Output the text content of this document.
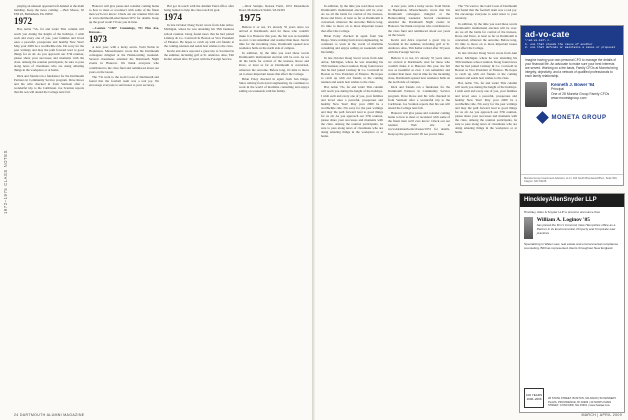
1972–1975 CLASS NOTES

playing an unusual opponent left-handed at the math building. Keep the news coming. —Bob Moore, 50 E83 #3, Bethlehem, PA 19050

1972

Hal, noble '72s, far and wide! This column will reach you during the height of the holidays. I wish each and every one of you, your families and loved ones a peaceful, prosperous and healthy New Year! May your 2009 be a worthwhile ride. I'm sorry for the past writings and may the path forward lead to good things for us all. As you approach our 37th reunion, please share your successes and moments with the class. Among the reunion participants, be sure to pass along news of classmates who are doing amazing things in the workplace or at home.

Dick and friends ran a fundraiser for the Dartmouth Partners in Community Service program. Dave Rowe and his wife checked in from Vermont after a wonderful trip to the Caribbean. Joe Scanlon reports that his son will attend the College next fall.

Hanover will give pause and consider coming home to how to meet or reconnect with some of the finest men we'll ever know.' Check out our reunion Web site at www.dartmouth.edu/classes/1972 for details. Keep up the good work! I'll see you in June.

—Lauren "Cliff" Cummings, 751 Elm Ave, Kiewan...

1973

A new year, with a lucky seven. Todd Noble in Hopkinton, Massachusetts wrote that his Dartmouth colleagues mingled at the Homecoming weekend. Several classmates attended the Dartmouth Night events in Hanover. We thank everyone who contributed to the class fund and reminisced about our years on the Green.

The '73s went to the Gold Coast of Dartmouth and found that the football team was a real joy. We encourage everyone to send notes to your secretary.

Hal got in touch with the Alumni Fund office after being named to help the class reach its goal.

1974

In late October Doug Swart wrote from Ann Arbor, Michigan, where he was attending his 35th business school reunion. Doug found news that he had joined Lindsay & Co. Cornwall in Boston as Vice President of Finance. He hopes to catch up with old friends at the coming reunion and sends best wishes to the class.

Kevin and Alice reported a great trip to Scotland in the summer, including golf at St. Andrews. Also, Tim Keller retired after 30 years with the Foreign Service.

—Rick Sample, Retreat Farm, 1972 Monadnock Road, Monadnock Sidell, VA 02391

1975

Believe it or not, it's already 35 years since we arrived at Dartmouth. And for those who couldn't make it to Hanover this year, the fall was as beautiful as ever. I can remember and warmer than most. Just in time for the incoming class, Dartmouth opened new residence halls on the north side of campus.

In addition, by the time you read these words Dartmouth's institutional election will be over. As we all the battle for control of the trustees, Rowe and Dave, at least as far as Dartmouth is concerned, whatever the outcome. Before long, it's time to move on to more important issues that affect the College.

Brian Foley checked in again from San Diego. Since retiring from naval engineering, he continues to work in the world of maritime consulting and enjoys sailing on weekends with his family.

24 DARTMOUTH ALUMNI MAGAZINE

In addition, by the time you read these words Dartmouth's institutional election will be over. As we all the battle for control of the trustees, Rowe and Dave, at least as far as Dartmouth is concerned, whatever the outcome. Before long, it's time to move on to more important issues that affect the College.

Brian Foley checked in again from San Diego. Since retiring from naval engineering, he continues to work in the world of maritime consulting and enjoys sailing on weekends with his family.

In late October Doug Swart wrote from Ann Arbor, Michigan, where he was attending his 35th business school reunion. Doug found news that he had joined Lindsay & Co. Cornwall in Boston as Vice President of Finance. He hopes to catch up with old friends at the coming reunion and sends best wishes to the class.

Hal, noble '72s, far and wide! This column will reach you during the height of the holidays. I wish each and every one of you, your families and loved ones a peaceful, prosperous and healthy New Year! May your 2009 be a worthwhile ride. I'm sorry for the past writings and may the path forward lead to good things for us all. As you approach our 37th reunion, please share your successes and moments with the class. Among the reunion participants, be sure to pass along news of classmates who are doing amazing things in the workplace or at home.

A new year, with a lucky seven. Todd Noble in Hopkinton, Massachusetts wrote that his Dartmouth colleagues mingled at the Homecoming weekend. Several classmates attended the Dartmouth Night events in Hanover. We thank everyone who contributed to the class fund and reminisced about our years on the Green.

Kevin and Alice reported a great trip to Scotland in the summer, including golf at St. Andrews. Also, Tim Keller retired after 30 years with the Foreign Service.

Believe it or not, it's already 35 years since we arrived at Dartmouth. And for those who couldn't make it to Hanover this year, the fall was as beautiful as ever. I can remember and warmer than most. Just in time for the incoming class, Dartmouth opened new residence halls on the north side of campus.

Dick and friends ran a fundraiser for the Dartmouth Partners in Community Service program. Dave Rowe and his wife checked in from Vermont after a wonderful trip to the Caribbean. Joe Scanlon reports that his son will attend the College next fall.

Hanover will give pause and consider coming home to how to meet or reconnect with some of the finest men we'll ever know.' Check out our reunion Web site at www.dartmouth.edu/classes/1972 for details. Keep up the good work! I'll see you in June.

The '73s went to the Gold Coast of Dartmouth and found that the football team was a real joy. We encourage everyone to send notes to your secretary.

In addition, by the time you read these words Dartmouth's institutional election will be over. As we all the battle for control of the trustees, Rowe and Dave, at least as far as Dartmouth is concerned, whatever the outcome. Before long, it's time to move on to more important issues that affect the College.

In late October Doug Swart wrote from Ann Arbor, Michigan, where he was attending his 35th business school reunion. Doug found news that he had joined Lindsay & Co. Cornwall in Boston as Vice President of Finance. He hopes to catch up with old friends at the coming reunion and sends best wishes to the class.

Hal, noble '72s, far and wide! This column will reach you during the height of the holidays. I wish each and every one of you, your families and loved ones a peaceful, prosperous and healthy New Year! May your 2009 be a worthwhile ride. I'm sorry for the past writings and may the path forward lead to good things for us all. As you approach our 37th reunion, please share your successes and moments with the class. Among the reunion participants, be sure to pass along news of classmates who are doing amazing things in the workplace or at home.

MARCH | APRIL 2009
ad-vo-cate
\'ad-və-kət\ n.
1. one that pleads the cause of another
2. one that defends or maintains a cause or proposal
Imagine having your own personal CFO to manage the details of your financial life. An advocate to make sure your best interests are served. Working on a fee basis, Family CFOs at Moneta bring integrity, objectivity, and a network of qualified professionals to each family relationship.
Kenneth J. Bower '94
Principal
One of 28 Moneta Group Family CFOs
www.monetagroup.com
MONETA GROUP
Moneta Group Investment Advisors, LLC | 100 South Brentwood Blvd., Suite 500, Clayton, MO 63105
HinckleyAllenSnyder LLP
Hinckley, Allen & Snyder LLP is proud to announce that
William A. Loginov '85
has joined the firm's Concord, New Hampshire office as a Partner in its Environmental, Property and Corporate Law practices.
Specializing in Water Law, real estate and environmental compliance counseling, Bill has represented clients throughout New England.
100 YEARS 1906–2006	28 STATE STREET, BOSTON, MA 02109 | 50 KENNEDY PLAZA, PROVIDENCE, RI 02903 | 43 NORTH MAIN STREET, CONCORD, NH 03301 | www.haslaw.com
